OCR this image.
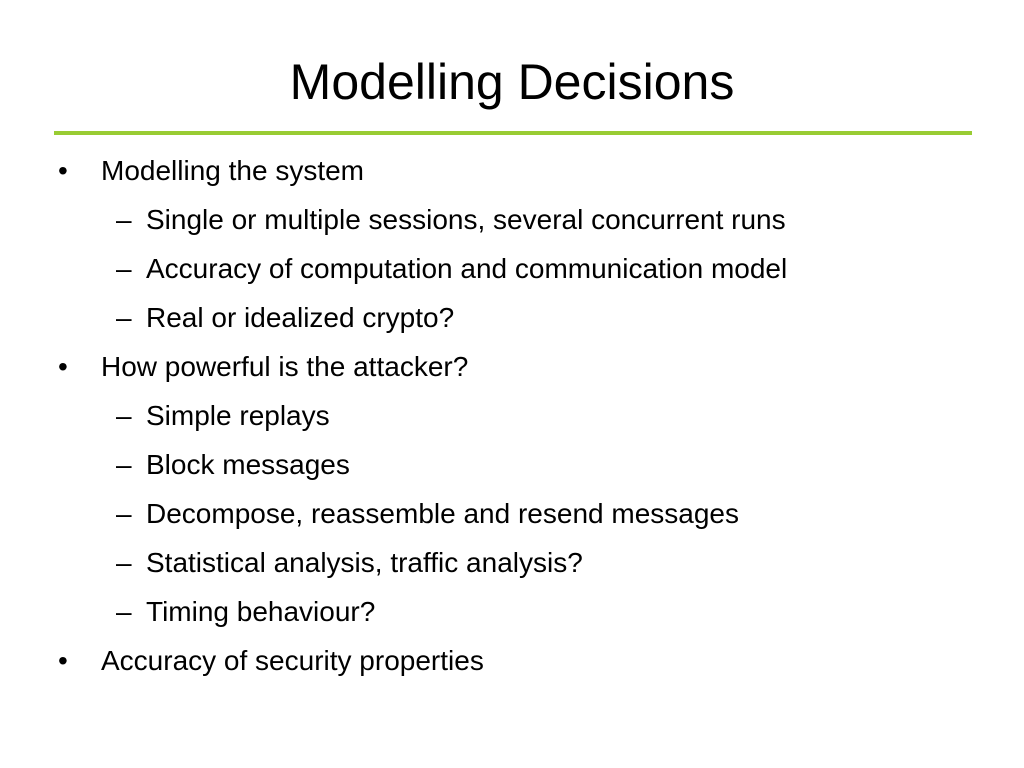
Modelling Decisions
• Modelling the system
– Single or multiple sessions, several concurrent runs
– Accuracy of computation and communication model
– Real or idealized crypto?
• How powerful is the attacker?
– Simple replays
– Block messages
– Decompose, reassemble and resend messages
– Statistical analysis, traffic analysis?
– Timing behaviour?
• Accuracy of security properties
